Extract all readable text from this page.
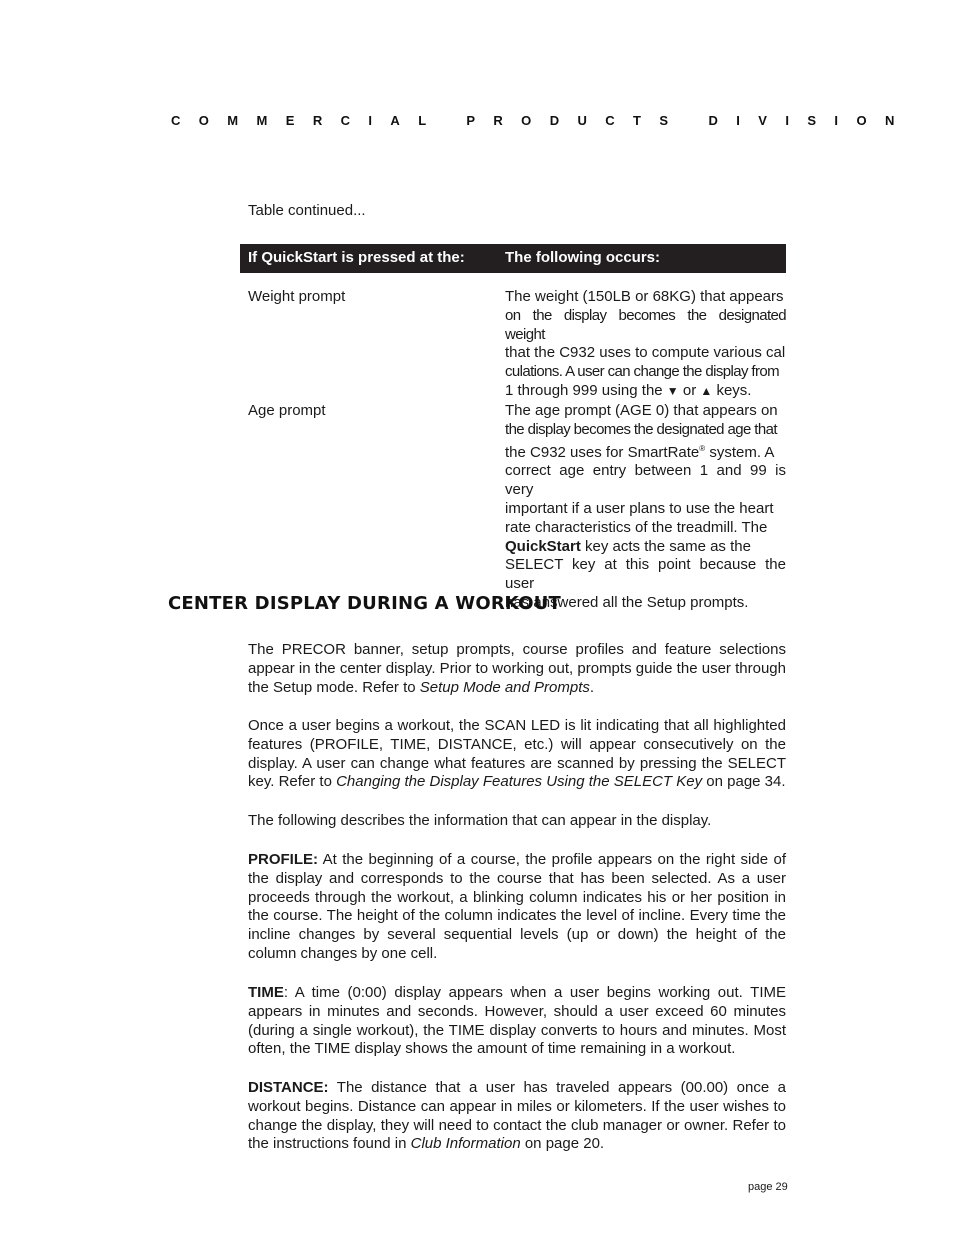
COMMERCIAL PRODUCTS DIVISION
Table continued...
If QuickStart is pressed at the:	The following occurs:
Weight prompt	The weight (150LB or 68KG) that appears
on the display becomes the designated weight
that the C932 uses to compute various cal
culations. A user can change the display from
1 through 999 using the ▼ or ▲ keys.
Age prompt	The age prompt (AGE 0) that appears on
the display becomes the designated age that
the C932 uses for SmartRate® system. A
correct age entry between 1 and 99 is very
important if a user plans to use the heart
rate characteristics of the treadmill. The
QuickStart key acts the same as the
SELECT key at this point because the user
has answered all the Setup prompts.
CENTER DISPLAY DURING A WORKOUT

The PRECOR banner, setup prompts, course profiles and feature selections appear in the center display. Prior to working out, prompts guide the user through the Setup mode. Refer to Setup Mode and Prompts.

Once a user begins a workout, the SCAN LED is lit indicating that all highlighted features (PROFILE, TIME, DISTANCE, etc.) will appear consecutively on the display. A user can change what features are scanned by pressing the SELECT key. Refer to Changing the Display Features Using the SELECT Key on page 34.

The following describes the information that can appear in the display.

PROFILE: At the beginning of a course, the profile appears on the right side of the display and corresponds to the course that has been selected. As a user proceeds through the workout, a blinking column indicates his or her position in the course. The height of the column indicates the level of incline. Every time the incline changes by several sequential levels (up or down) the height of the column changes by one cell.

TIME: A time (0:00) display appears when a user begins working out. TIME appears in minutes and seconds. However, should a user exceed 60 minutes (during a single workout), the TIME display converts to hours and minutes. Most often, the TIME display shows the amount of time remaining in a workout.

DISTANCE: The distance that a user has traveled appears (00.00) once a workout begins. Distance can appear in miles or kilometers. If the user wishes to change the display, they will need to contact the club manager or owner. Refer to the instructions found in Club Information on page 20.

page 29
